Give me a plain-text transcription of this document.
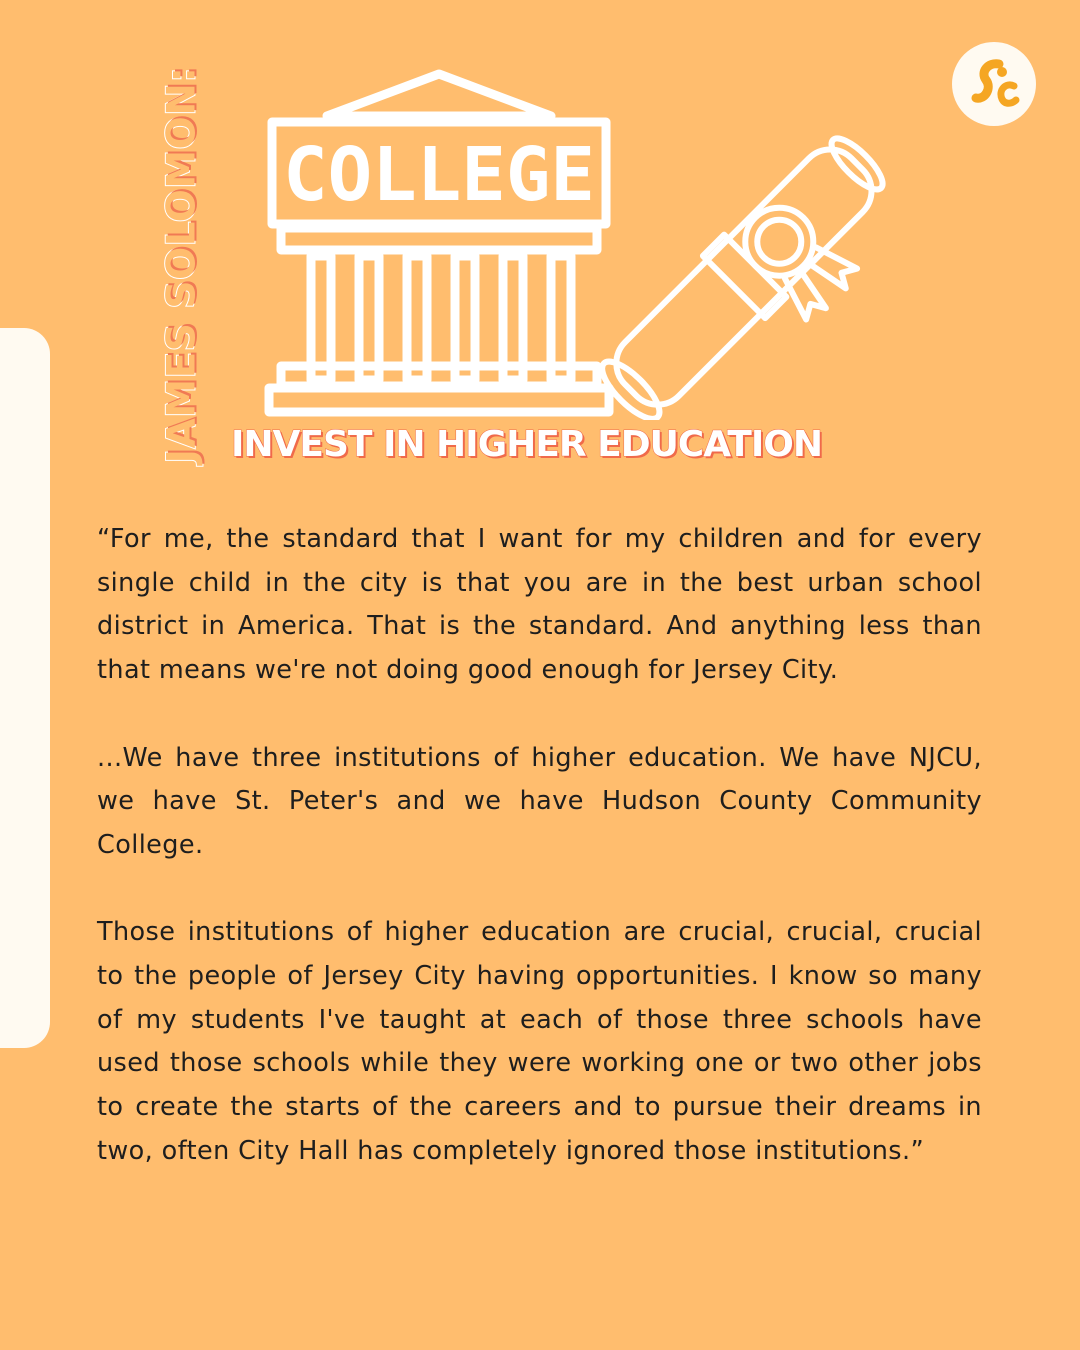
JAMES SOLOMON: COLLEGE
INVEST IN HIGHER EDUCATION

“For me, the standard that I want for my children and for every single child in the city is that you are in the best urban school district in America. That is the standard. And anything less than that means we're not doing good enough for Jersey City.

...We have three institutions of higher education. We have NJCU, we have St. Peter's and we have Hudson County Community College.

Those institutions of higher education are crucial, crucial, crucial to the people of Jersey City having opportunities. I know so many of my students I've taught at each of those three schools have used those schools while they were working one or two other jobs to create the starts of the careers and to pursue their dreams in two, often City Hall has completely ignored those institutions.”
